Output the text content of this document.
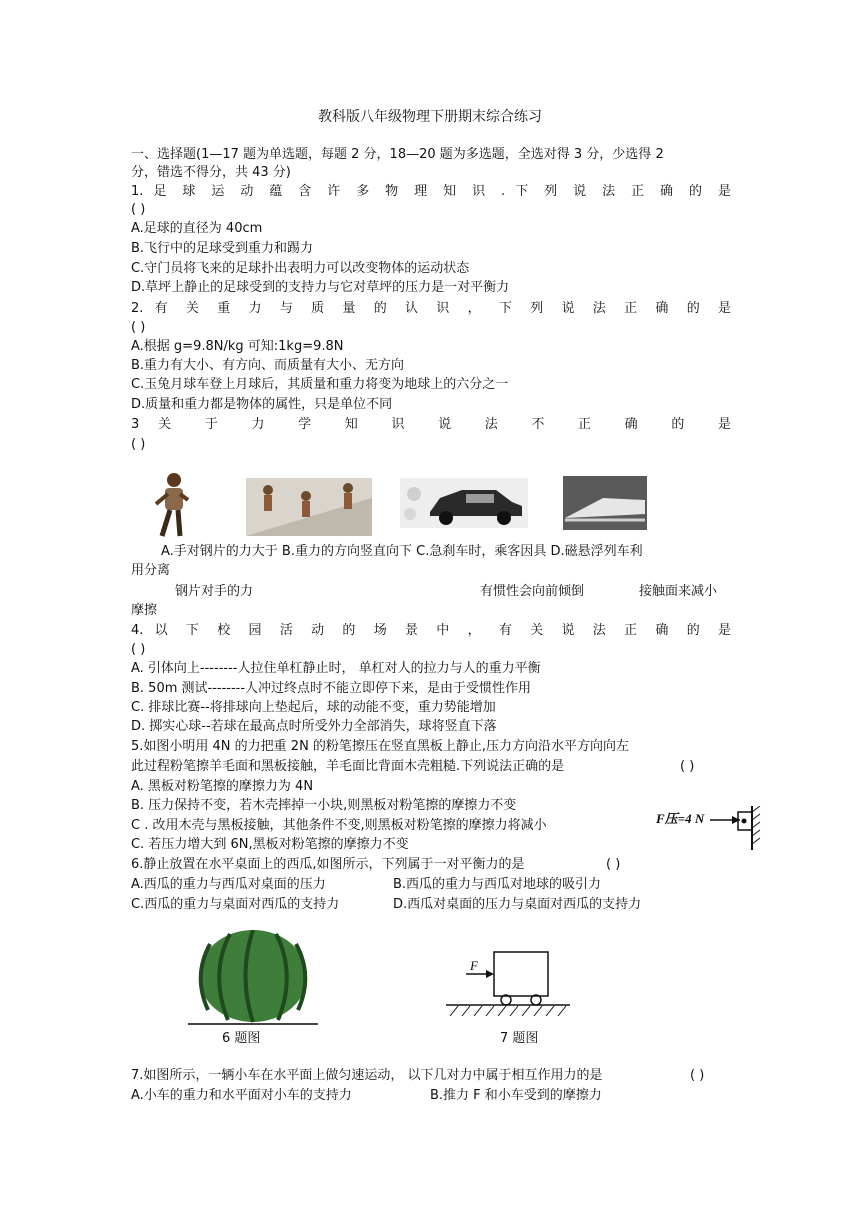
教科版八年级物理下册期末综合练习
一、选择题(1—17 题为单选题，每题 2 分，18—20 题为多选题，全选对得 3 分，少选得 2
分，错选不得分，共 43 分)
1. 足 球 运 动 蕴 含 许 多 物 理 知 识 . 下 列 说 法 正 确 的 是
( )
A.足球的直径为 40cm
B.飞行中的足球受到重力和踢力
C.守门员将飞来的足球扑出表明力可以改变物体的运动状态
D.草坪上静止的足球受到的支持力与它对草坪的压力是一对平衡力
2. 有 关 重 力 与 质 量 的 认 识 ， 下 列 说 法 正 确 的 是
( )
A.根据 g=9.8N/kg 可知:1kg=9.8N
B.重力有大小、有方向、而质量有大小、无方向
C.玉兔月球车登上月球后，其质量和重力将变为地球上的六分之一
D.质量和重力都是物体的属性，只是单位不同
3 关 于 力 学 知 识 说 法 不 正 确 的 是
( )
A.手对钢片的力大于 B.重力的方向竖直向下 C.急刹车时，乘客因具 D.磁悬浮列车利
用分离
钢片对手的力	有惯性会向前倾倒	接触面来减小
摩擦
4. 以 下 校 园 活 动 的 场 景 中 ， 有 关 说 法 正 确 的 是
( )
A. 引体向上--------人拉住单杠静止时， 单杠对人的拉力与人的重力平衡
B. 50m 测试--------人冲过终点时不能立即停下来，是由于受惯性作用
C. 排球比赛--将排球向上垫起后，球的动能不变，重力势能增加
D. 掷实心球--若球在最高点时所受外力全部消失，球将竖直下落
5.如图小明用 4N 的力把重 2N 的粉笔擦压在竖直黑板上静止,压力方向沿水平方向向左
此过程粉笔擦羊毛面和黑板接触，羊毛面比背面木壳粗糙.下列说法正确的是	( )
A. 黑板对粉笔擦的摩擦力为 4N
B. 压力保持不变，若木壳摔掉一小块,则黑板对粉笔擦的摩擦力不变
C . 改用木壳与黑板接触，其他条件不变,则黑板对粉笔擦的摩擦力将减小
C. 若压力增大到 6N,黑板对粉笔擦的摩擦力不变
F压=4 N
6.静止放置在水平桌面上的西瓜,如图所示，下列属于一对平衡力的是	( )
A.西瓜的重力与西瓜对桌面的压力	B.西瓜的重力与西瓜对地球的吸引力
C.西瓜的重力与桌面对西瓜的支持力	D.西瓜对桌面的压力与桌面对西瓜的支持力
6 题图
F
7 题图
7.如图所示，一辆小车在水平面上做匀速运动， 以下几对力中属于相互作用力的是	( )
A.小车的重力和水平面对小车的支持力	B.推力 F 和小车受到的摩擦力
